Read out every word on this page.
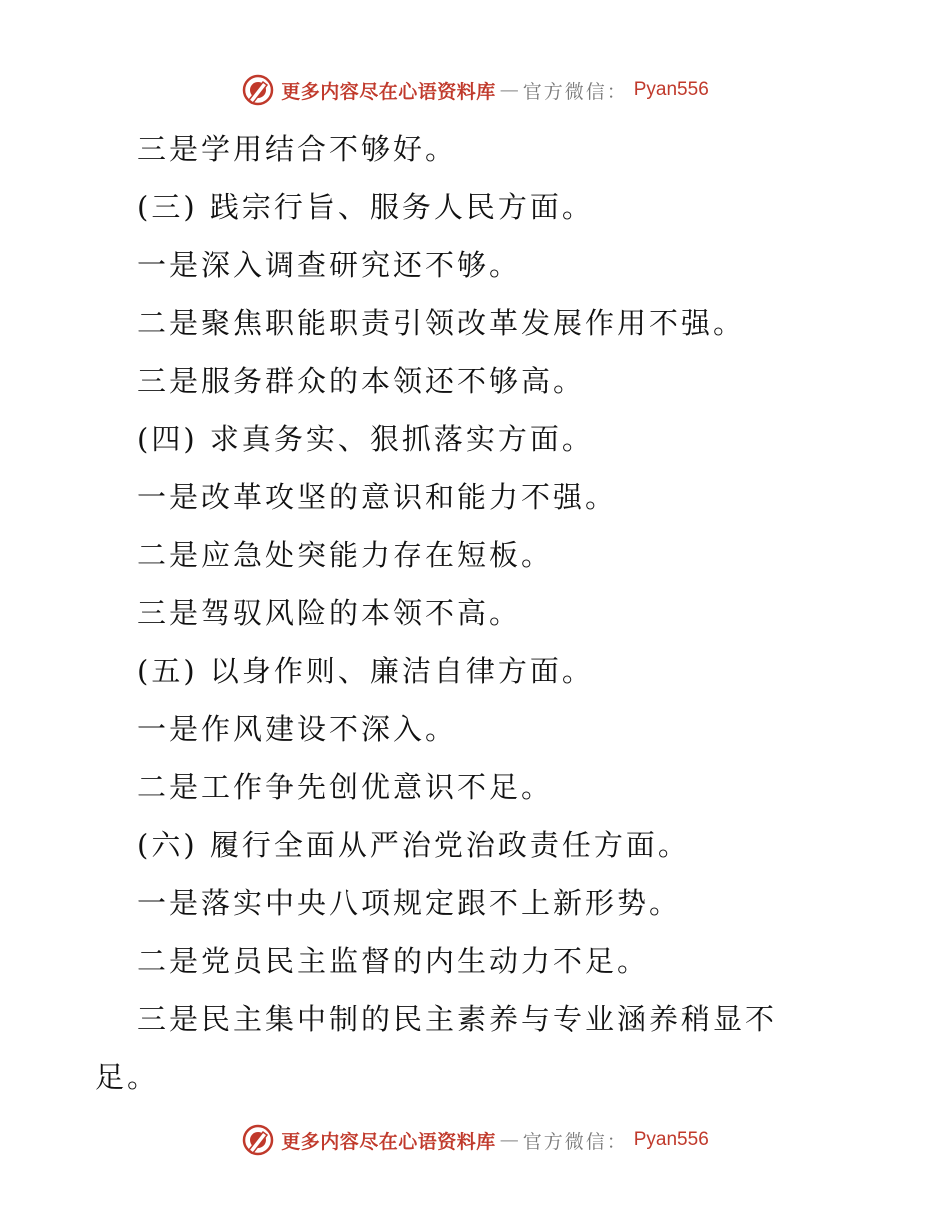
更多内容尽在心语资料库 — 官方微信： Pyan556
三是学用结合不够好。
(三) 践宗行旨、服务人民方面。
一是深入调查研究还不够。
二是聚焦职能职责引领改革发展作用不强。
三是服务群众的本领还不够高。
(四) 求真务实、狠抓落实方面。
一是改革攻坚的意识和能力不强。
二是应急处突能力存在短板。
三是驾驭风险的本领不高。
(五) 以身作则、廉洁自律方面。
一是作风建设不深入。
二是工作争先创优意识不足。
(六) 履行全面从严治党治政责任方面。
一是落实中央八项规定跟不上新形势。
二是党员民主监督的内生动力不足。
三是民主集中制的民主素养与专业涵养稍显不
足。
更多内容尽在心语资料库 — 官方微信： Pyan556
